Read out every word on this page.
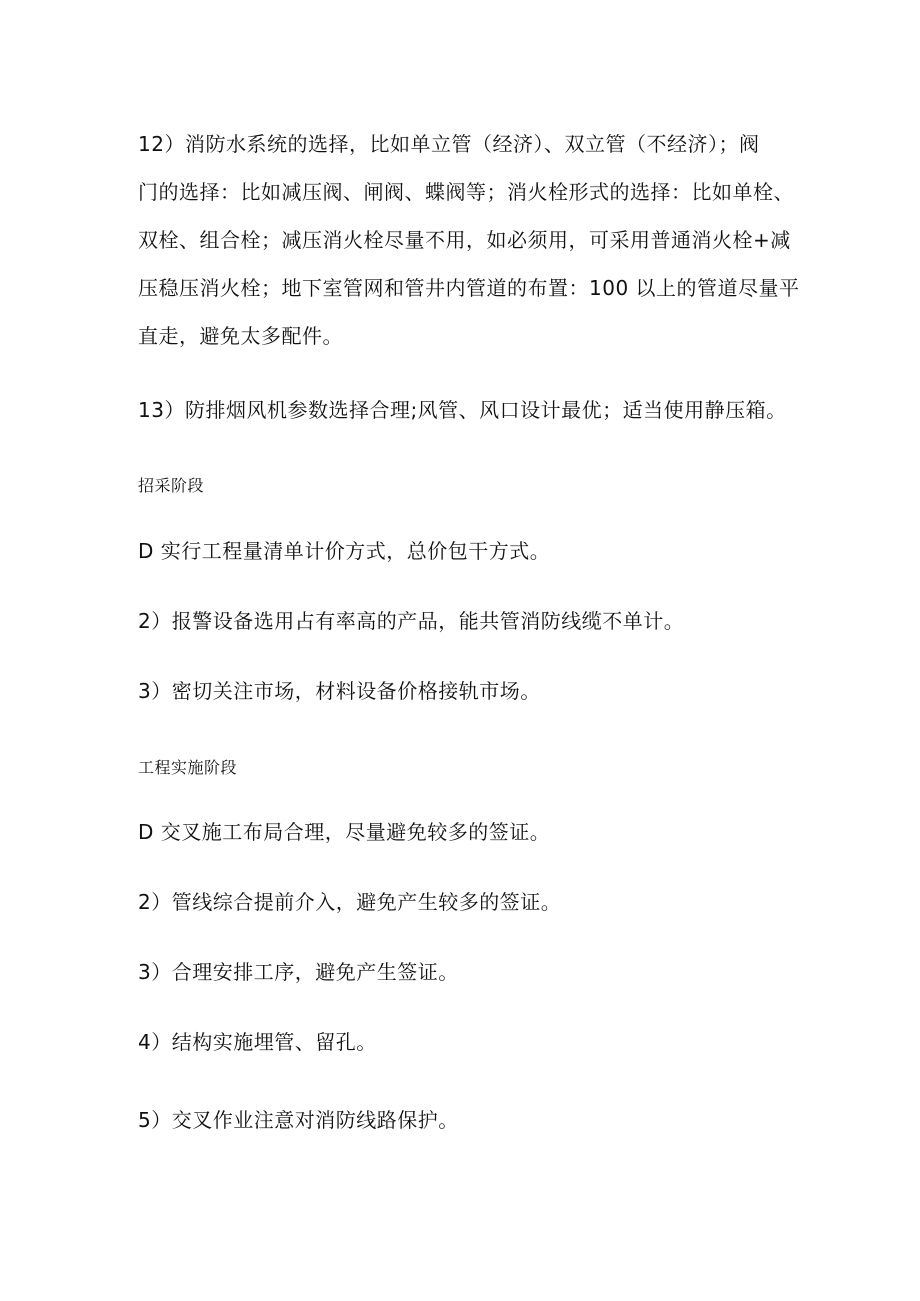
12）消防水系统的选择，比如单立管（经济）、双立管（不经济）；阀
门的选择：比如减压阀、闸阀、蝶阀等；消火栓形式的选择：比如单栓、
双栓、组合栓；减压消火栓尽量不用，如必须用，可采用普通消火栓+减
压稳压消火栓；地下室管网和管井内管道的布置：100 以上的管道尽量平
直走，避免太多配件。

13）防排烟风机参数选择合理;风管、风口设计最优；适当使用静压箱。

招采阶段

D 实行工程量清单计价方式，总价包干方式。

2）报警设备选用占有率高的产品，能共管消防线缆不单计。

3）密切关注市场，材料设备价格接轨市场。

工程实施阶段

D 交叉施工布局合理，尽量避免较多的签证。

2）管线综合提前介入，避免产生较多的签证。

3）合理安排工序，避免产生签证。

4）结构实施埋管、留孔。

5）交叉作业注意对消防线路保护。
